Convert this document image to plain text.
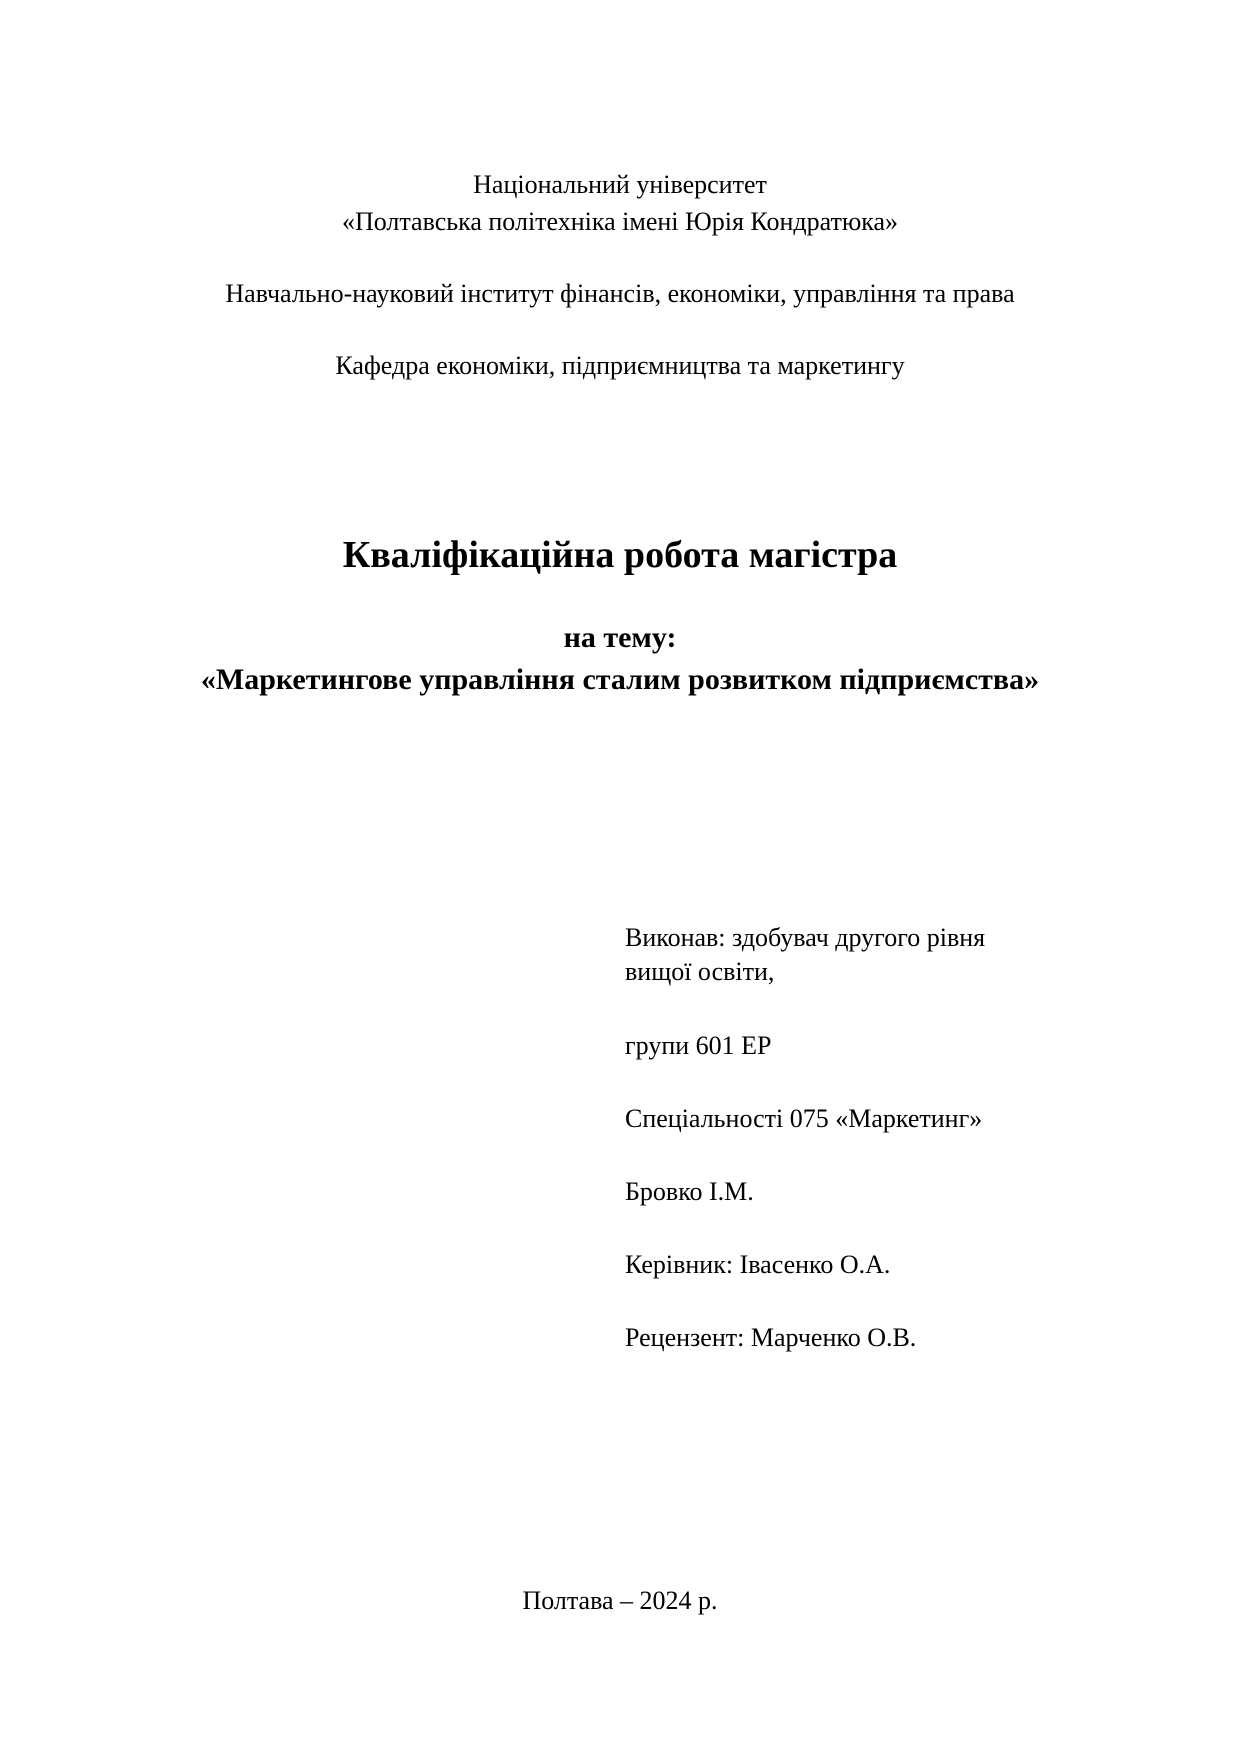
Національний університет
«Полтавська політехніка імені Юрія Кондратюка»
Навчально-науковий інститут фінансів, економіки, управління та права
Кафедра економіки, підприємництва та маркетингу
Кваліфікаційна робота магістра
на тему:
«Маркетингове управління сталим розвитком підприємства»
Виконав: здобувач другого рівня
вищої освіти,
групи 601 ЕР
Спеціальності 075 «Маркетинг»
Бровко І.М.
Керівник: Івасенко О.А.
Рецензент: Марченко О.В.
Полтава – 2024 р.
